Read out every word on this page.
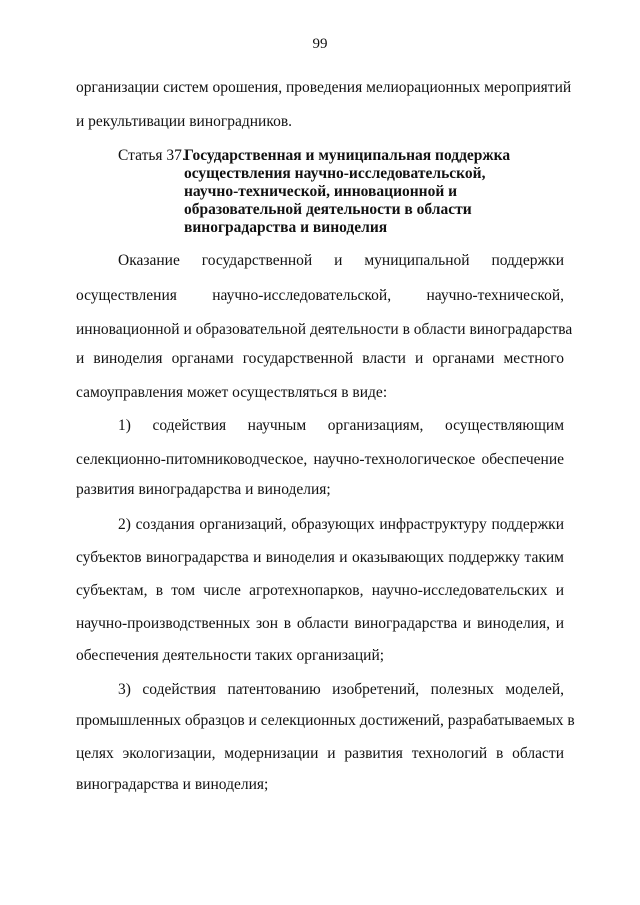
99
организации систем орошения, проведения мелиорационных мероприятий
и рекультивации виноградников.
Статья 37.
Государственная и муниципальная поддержка
осуществления научно-исследовательской,
научно-технической, инновационной и
образовательной деятельности в области
виноградарства и виноделия
Оказание государственной и муниципальной поддержки
осуществления научно-исследовательской, научно-технической,
инновационной и образовательной деятельности в области виноградарства
и виноделия органами государственной власти и органами местного
самоуправления может осуществляться в виде:
1) содействия научным организациям, осуществляющим
селекционно-питомниководческое, научно-технологическое обеспечение
развития виноградарства и виноделия;
2) создания организаций, образующих инфраструктуру поддержки
субъектов виноградарства и виноделия и оказывающих поддержку таким
субъектам, в том числе агротехнопарков, научно-исследовательских и
научно-производственных зон в области виноградарства и виноделия, и
обеспечения деятельности таких организаций;
3) содействия патентованию изобретений, полезных моделей,
промышленных образцов и селекционных достижений, разрабатываемых в
целях экологизации, модернизации и развития технологий в области
виноградарства и виноделия;
